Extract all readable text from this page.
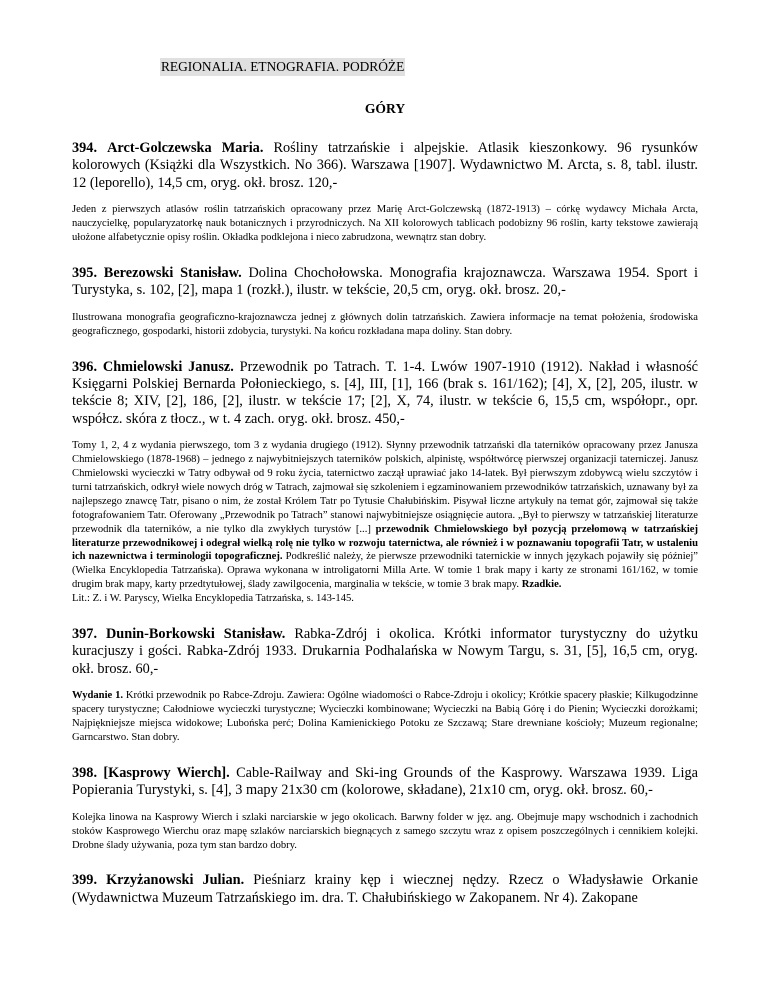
REGIONALIA. ETNOGRAFIA. PODRÓŻE

GÓRY

394. Arct-Golczewska Maria. Rośliny tatrzańskie i alpejskie. Atlasik kieszonkowy. 96 rysunków kolorowych (Książki dla Wszystkich. No 366). Warszawa [1907]. Wydawnictwo M. Arcta, s. 8, tabl. ilustr. 12 (leporello), 14,5 cm, oryg. okł. brosz. 120,-

Jeden z pierwszych atlasów roślin tatrzańskich opracowany przez Marię Arct-Golczewską (1872-1913) – córkę wydawcy Michała Arcta, nauczycielkę, popularyzatorkę nauk botanicznych i przyrodniczych. Na XII kolorowych tablicach podobizny 96 roślin, karty tekstowe zawierają ułożone alfabetycznie opisy roślin. Okładka podklejona i nieco zabrudzona, wewnątrz stan dobry.

395. Berezowski Stanisław. Dolina Chochołowska. Monografia krajoznawcza. Warszawa 1954. Sport i Turystyka, s. 102, [2], mapa 1 (rozkł.), ilustr. w tekście, 20,5 cm, oryg. okł. brosz. 20,-

Ilustrowana monografia geograficzno-krajoznawcza jednej z głównych dolin tatrzańskich. Zawiera informacje na temat położenia, środowiska geograficznego, gospodarki, historii zdobycia, turystyki. Na końcu rozkładana mapa doliny. Stan dobry.

396. Chmielowski Janusz. Przewodnik po Tatrach. T. 1-4. Lwów 1907-1910 (1912). Nakład i własność Księgarni Polskiej Bernarda Połonieckiego, s. [4], III, [1], 166 (brak s. 161/162); [4], X, [2], 205, ilustr. w tekście 8; XIV, [2], 186, [2], ilustr. w tekście 17; [2], X, 74, ilustr. w tekście 6, 15,5 cm, współopr., opr. współcz. skóra z tłocz., w t. 4 zach. oryg. okł. brosz. 450,-

Tomy 1, 2, 4 z wydania pierwszego, tom 3 z wydania drugiego (1912). Słynny przewodnik tatrzański dla taterników opracowany przez Janusza Chmielowskiego (1878-1968) – jednego z najwybitniejszych taterników polskich, alpinistę, współtwórcę pierwszej organizacji taterniczej. Janusz Chmielowski wycieczki w Tatry odbywał od 9 roku życia, taternictwo zaczął uprawiać jako 14-latek. Był pierwszym zdobywcą wielu szczytów i turni tatrzańskich, odkrył wiele nowych dróg w Tatrach, zajmował się szkoleniem i egzaminowaniem przewodników tatrzańskich, uznawany był za najlepszego znawcę Tatr, pisano o nim, że został Królem Tatr po Tytusie Chałubińskim. Pisywał liczne artykuły na temat gór, zajmował się także fotografowaniem Tatr. Oferowany „Przewodnik po Tatrach” stanowi najwybitniejsze osiągnięcie autora. „Był to pierwszy w tatrzańskiej literaturze przewodnik dla taterników, a nie tylko dla zwykłych turystów [...] przewodnik Chmielowskiego był pozycją przełomową w tatrzańskiej literaturze przewodnikowej i odegrał wielką rolę nie tylko w rozwoju taternictwa, ale również i w poznawaniu topografii Tatr, w ustaleniu ich nazewnictwa i terminologii topograficznej. Podkreślić należy, że pierwsze przewodniki taternickie w innych językach pojawiły się później” (Wielka Encyklopedia Tatrzańska). Oprawa wykonana w introligatorni Milla Arte. W tomie 1 brak mapy i karty ze stronami 161/162, w tomie drugim brak mapy, karty przedtytułowej, ślady zawilgocenia, marginalia w tekście, w tomie 3 brak mapy. Rzadkie.

Lit.: Z. i W. Paryscy, Wielka Encyklopedia Tatrzańska, s. 143-145.

397. Dunin-Borkowski Stanisław. Rabka-Zdrój i okolica. Krótki informator turystyczny do użytku kuracjuszy i gości. Rabka-Zdrój 1933. Drukarnia Podhalańska w Nowym Targu, s. 31, [5], 16,5 cm, oryg. okł. brosz. 60,-

Wydanie 1. Krótki przewodnik po Rabce-Zdroju. Zawiera: Ogólne wiadomości o Rabce-Zdroju i okolicy; Krótkie spacery płaskie; Kilkugodzinne spacery turystyczne; Całodniowe wycieczki turystyczne; Wycieczki kombinowane; Wycieczki na Babią Górę i do Pienin; Wycieczki dorożkami; Najpiękniejsze miejsca widokowe; Lubońska perć; Dolina Kamienickiego Potoku ze Szczawą; Stare drewniane kościoły; Muzeum regionalne; Garncarstwo. Stan dobry.

398. [Kasprowy Wierch]. Cable-Railway and Ski-ing Grounds of the Kasprowy. Warszawa 1939. Liga Popierania Turystyki, s. [4], 3 mapy 21x30 cm (kolorowe, składane), 21x10 cm, oryg. okł. brosz. 60,-

Kolejka linowa na Kasprowy Wierch i szlaki narciarskie w jego okolicach. Barwny folder w jęz. ang. Obejmuje mapy wschodnich i zachodnich stoków Kasprowego Wierchu oraz mapę szlaków narciarskich biegnących z samego szczytu wraz z opisem poszczególnych i cennikiem kolejki. Drobne ślady używania, poza tym stan bardzo dobry.

399. Krzyżanowski Julian. Pieśniarz krainy kęp i wiecznej nędzy. Rzecz o Władysławie Orkanie (Wydawnictwa Muzeum Tatrzańskiego im. dra. T. Chałubińskiego w Zakopanem. Nr 4). Zakopane
